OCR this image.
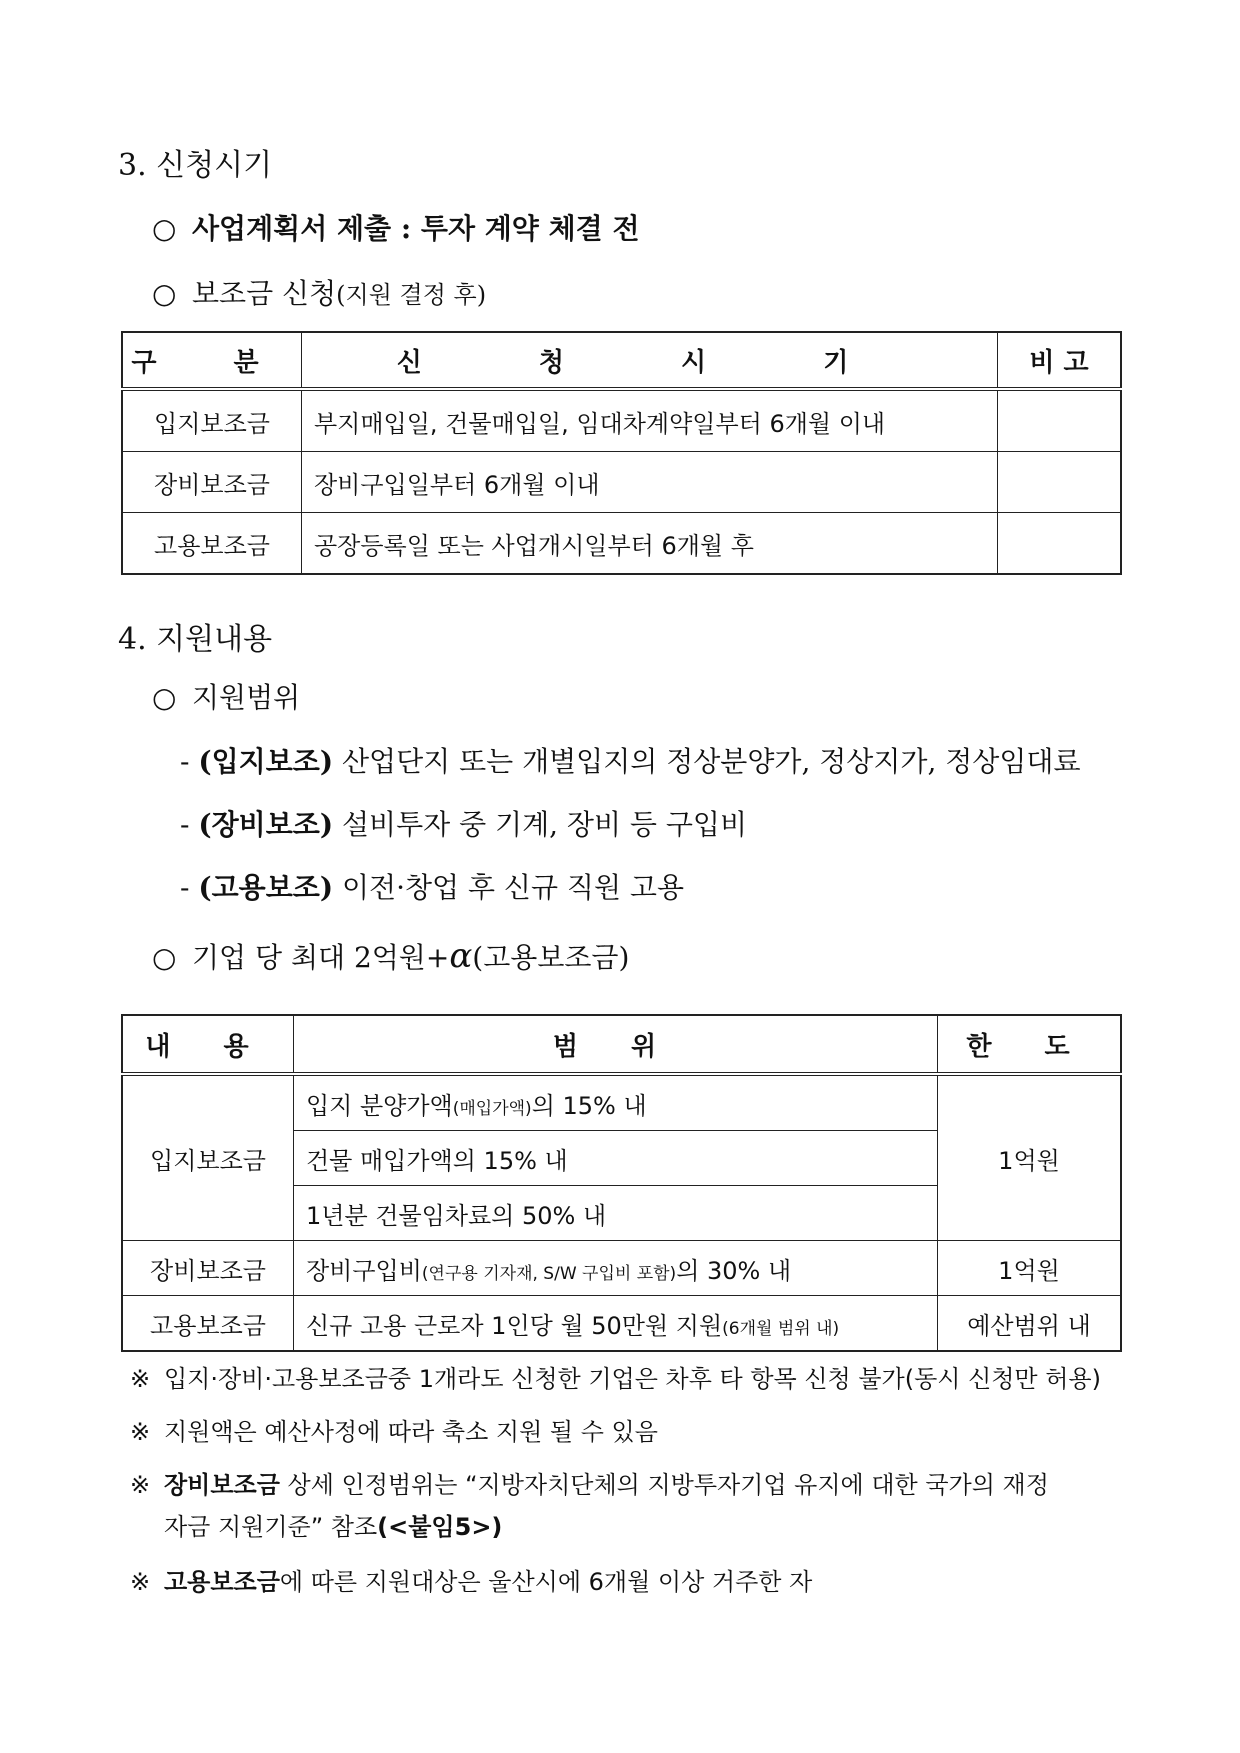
3. 신청시기
○ 사업계획서 제출 : 투자 계약 체결 전
○ 보조금 신청(지원 결정 후)
구 분	신 청 시 기	비 고
입지보조금	부지매입일, 건물매입일, 임대차계약일부터 6개월 이내	
장비보조금	장비구입일부터 6개월 이내	
고용보조금	공장등록일 또는 사업개시일부터 6개월 후	
4. 지원내용
○ 지원범위
- (입지보조) 산업단지 또는 개별입지의 정상분양가, 정상지가, 정상임대료
- (장비보조) 설비투자 중 기계, 장비 등 구입비
- (고용보조) 이전·창업 후 신규 직원 고용
○ 기업 당 최대 2억원+α(고용보조금)
내 용	범 위	한 도
입지보조금	입지 분양가액(매입가액)의 15% 내	1억원
	건물 매입가액의 15% 내	
	1년분 건물임차료의 50% 내	
장비보조금	장비구입비(연구용 기자재, S/W 구입비 포함)의 30% 내	1억원
고용보조금	신규 고용 근로자 1인당 월 50만원 지원(6개월 범위 내)	예산범위 내
※ 입지·장비·고용보조금중 1개라도 신청한 기업은 차후 타 항목 신청 불가(동시 신청만 허용)
※ 지원액은 예산사정에 따라 축소 지원 될 수 있음
※ 장비보조금 상세 인정범위는 “지방자치단체의 지방투자기업 유지에 대한 국가의 재정
자금 지원기준” 참조(<붙임5>)
※ 고용보조금에 따른 지원대상은 울산시에 6개월 이상 거주한 자
